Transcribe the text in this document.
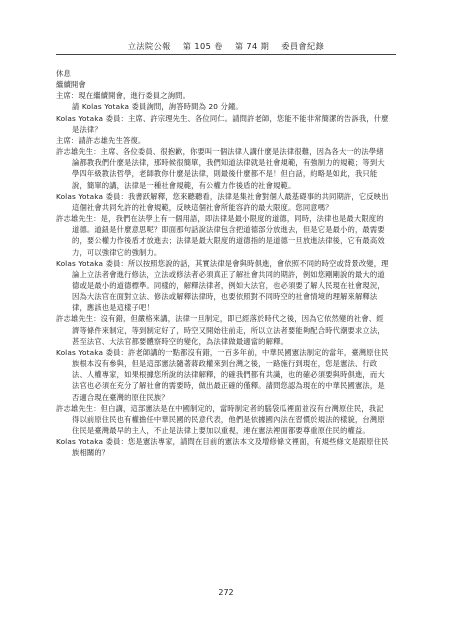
立法院公報 第 105 卷 第 74 期 委員會紀錄

休息

繼續開會

主席：現在繼續開會，進行委員之詢問。

請 Kolas Yotaka 委員詢問，詢答時間為 20 分鐘。

Kolas Yotaka 委員：主席、許宗理先生、各位同仁。請問許老師，您能不能非常簡潔的告訴我，什麼是法律？

主席：請許志雄先生答復。

許志雄先生：主席、各位委員、很抱歉，你要叫一個法律人講什麼是法律很難，因為各大一的法學緒論都教我們什麼是法律，那時候很簡單，我們知道法律就是社會規範，有強制力的規範；等到大學四年級教法哲學，老師教你什麼是法律，則最後什麼都不是！但白話，約略是如此，我只能說，簡單的講，法律是一種社會規範，有公權力作後盾的社會規範。

Kolas Yotaka 委員：我書跃解釋，您來聽聽看，法律是集社會對個人最基礎事的共同期許，它反映出這個社會共同允許的社會規範，反映這個社會所能容許的最大限度。您同意嗎？

許志雄先生：是，我們在法學上有一個用語，即法律是最小限度的道德，同時，法律也是最大限度的道德。道鈕是什麼意思呢？即面那句話說法律包含把道德部分放進去，但是它是最小的，最需要的，要公權力作後盾才放進去；法律是最大限度的道德指的是道德一旦放進法律後，它有最高效力，可以強律它的強制力。

Kolas Yotaka 委員：所以按照您說的話，其實法律是會與時俱進，會依照不同的時空或背景改變，理論上立法者會進行修法，立法或修法者必須真正了解社會共同的期許，例如您剛剛說的最大的道德或是最小的道德標準。同樣的，解釋法律者，例如大法官，也必須要了解人民現在社會現況，因為大法官在面對立法、修法或解釋法律時，也要依照對不同時空的社會情境的理解來解釋法律，應該也是這樣子吧！

許志雄先生：沒有錯，但嚴格來講，法律一旦制定，即已經落於時代之後，因為它依然變的社會、經濟等條件來制定，等到制定好了，時空又開始往前走，所以立法者要能夠配合時代潮要求立法，甚至法官、大法官都要體察時空的變化，為法律做最適當的解釋。

Kolas Yotaka 委員：許老師講的一點都沒有錯，一百多年前，中華民國憲法制定的當年，臺灣原住民族根本沒有參與，但是這部憲法隨著蔣政權來到台灣之後，一路施行到現在，您是憲法、行政法、人權專家，如果根據您所說的法律解釋，的確我們都有共識，也的確必須要與時俱進，而大法官也必須在充分了解社會的需要時，做出最正確的僅釋。請問您認為現在的中華民國憲法，是否適合現在臺灣的原住民族？

許志雄先生：但白講，這部憲法是在中國制定的，當時制定者的腦袋瓜裡面並沒有台灣原住民，我記得以前原住民也有權擔任中華民國的民意代表，他們是依據國內法在習慣於規法的樣貌，台灣原住民是臺灣最早的主人，不止是法律上要加以重視，連在憲法裡面都要尊重原住民的權益。

Kolas Yotaka 委員：您是憲法專家，請問在目前的憲法本文及增修條文裡面，有規些條文是跟原住民族相關的？

272
